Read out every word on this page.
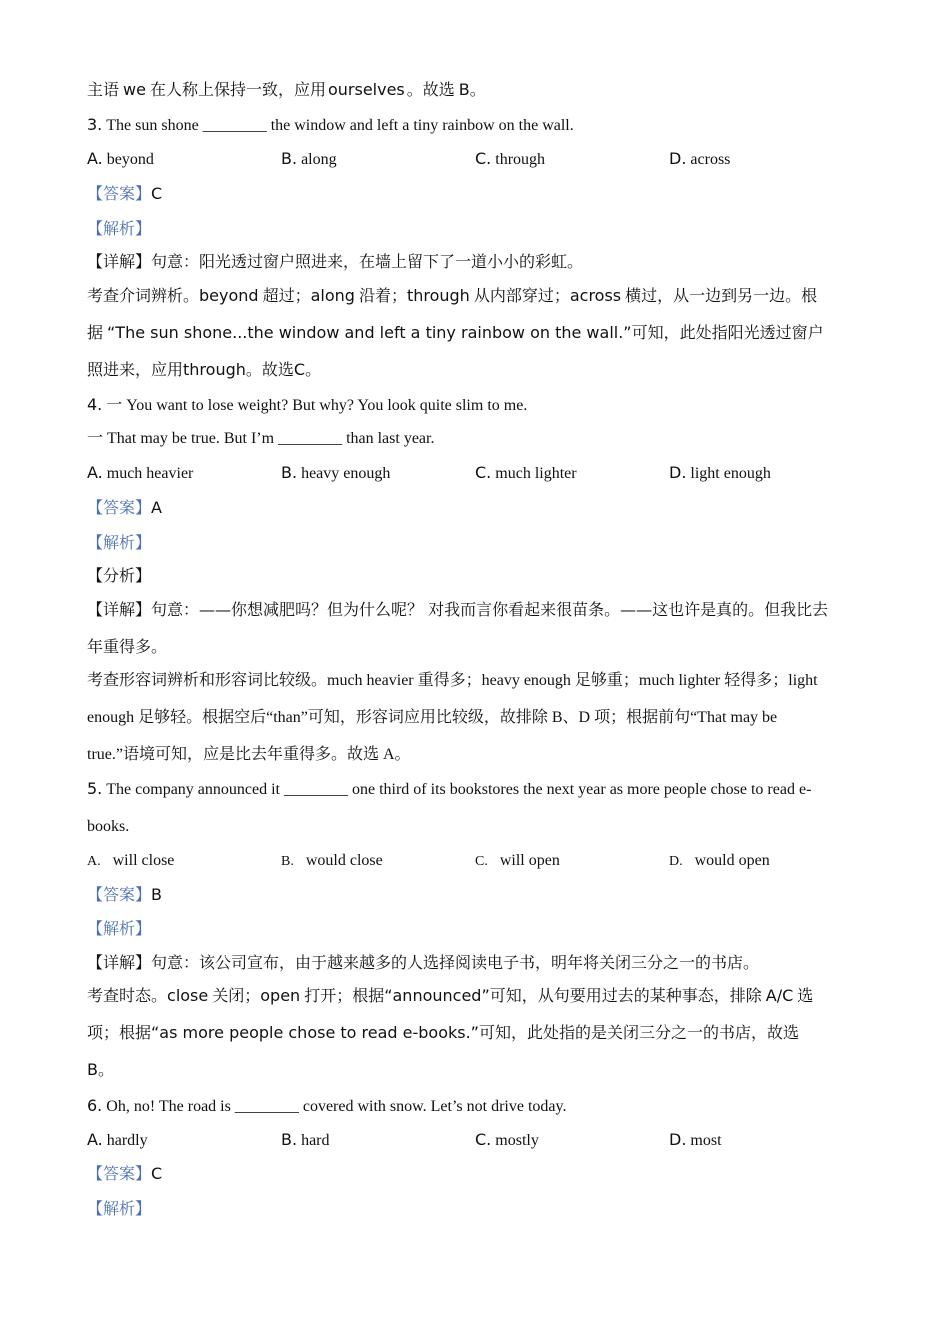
主语 we 在人称上保持一致，应用 ourselves 。故选 B。
3. The sun shone ________ the window and left a tiny rainbow on the wall.
A. beyond	B. along	C. through	D. across
【答案】C
【解析】
【详解】句意：阳光透过窗户照进来，在墙上留下了一道小小的彩虹。
考查介词辨析。beyond 超过；along 沿着；through 从内部穿过；across 横过，从一边到另一边。根
据 “The sun shone...the window and left a tiny rainbow on the wall.”可知，此处指阳光透过窗户
照进来，应用through。故选C。
4. 一 You want to lose weight? But why? You look quite slim to me.
一 That may be true. But I’m ________ than last year.
A. much heavier	B. heavy enough	C. much lighter	D. light enough
【答案】A
【解析】
【分析】
【详解】句意：——你想减肥吗？但为什么呢？ 对我而言你看起来很苗条。——这也许是真的。但我比去
年重得多。
考查形容词辨析和形容词比较级。much heavier 重得多；heavy enough 足够重；much lighter 轻得多；light
enough 足够轻。根据空后“than”可知，形容词应用比较级，故排除 B、D 项；根据前句“That may be
true.”语境可知，应是比去年重得多。故选 A。
5. The company announced it ________ one third of its bookstores the next year as more people chose to read e-
books.
A. will close	B. would close	C. will open	D. would open
【答案】B
【解析】
【详解】句意：该公司宣布，由于越来越多的人选择阅读电子书，明年将关闭三分之一的书店。
考查时态。close 关闭；open 打开；根据“announced”可知，从句要用过去的某种事态，排除 A/C 选
项；根据“as more people chose to read e-books.”可知，此处指的是关闭三分之一的书店，故选
B。
6. Oh, no! The road is ________ covered with snow. Let’s not drive today.
A. hardly	B. hard	C. mostly	D. most
【答案】C
【解析】
